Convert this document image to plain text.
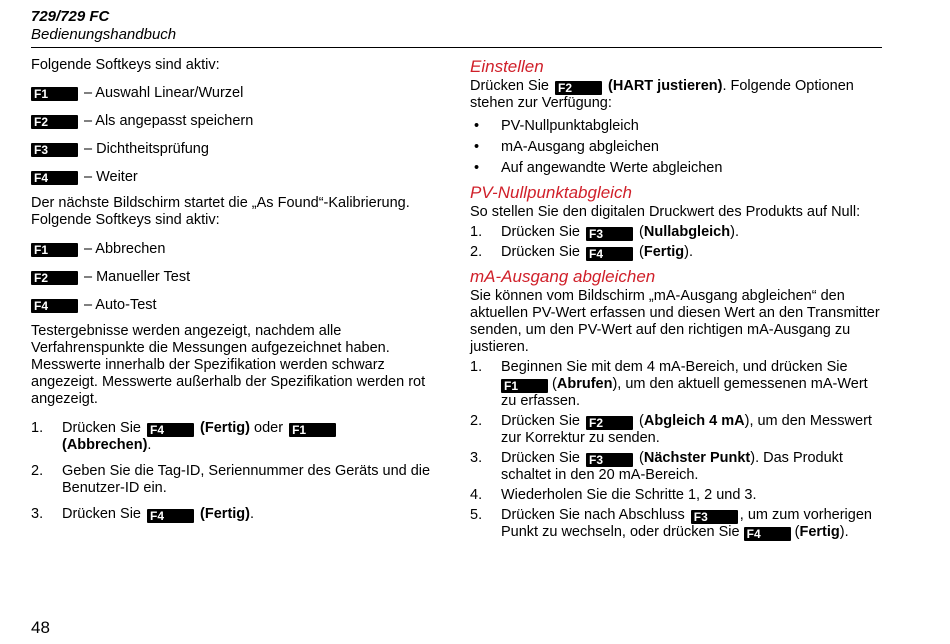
729/729 FC
Bedienungshandbuch

Folgende Softkeys sind aktiv:

F1	– Auswahl Linear/Wurzel
F2	– Als angepasst speichern
F3	– Dichtheitsprüfung
F4	– Weiter

Der nächste Bildschirm startet die „As Found“-Kalibrierung. Folgende Softkeys sind aktiv:

F1	– Abbrechen
F2	– Manueller Test
F4	– Auto-Test

Testergebnisse werden angezeigt, nachdem alle Verfahrenspunkte die Messungen aufgezeichnet haben. Messwerte innerhalb der Spezifikation werden schwarz angezeigt. Messwerte außerhalb der Spezifikation werden rot angezeigt.

1. Drücken Sie F4 (Fertig) oder F1
(Abbrechen).
2. Geben Sie die Tag-ID, Seriennummer des Geräts und die Benutzer-ID ein.
3. Drücken Sie F4 (Fertig).
Einstellen

Drücken Sie F2 (HART justieren). Folgende Optionen stehen zur Verfügung:

• PV-Nullpunktabgleich
• mA-Ausgang abgleichen
• Auf angewandte Werte abgleichen
PV-Nullpunktabgleich

So stellen Sie den digitalen Druckwert des Produkts auf Null:

1. Drücken Sie F3 (Nullabgleich).
2. Drücken Sie F4 (Fertig).
mA-Ausgang abgleichen

Sie können vom Bildschirm „mA-Ausgang abgleichen“ den aktuellen PV-Wert erfassen und diesen Wert an den Transmitter senden, um den PV-Wert auf den richtigen mA-Ausgang zu justieren.

1. Beginnen Sie mit dem 4 mA-Bereich, und drücken Sie F1 (Abrufen), um den aktuell gemessenen mA-Wert zu erfassen.
2. Drücken Sie F2 (Abgleich 4 mA), um den Messwert zur Korrektur zu senden.
3. Drücken Sie F3 (Nächster Punkt). Das Produkt schaltet in den 20 mA-Bereich.
4. Wiederholen Sie die Schritte 1, 2 und 3.
5. Drücken Sie nach Abschluss F3 , um zum vorherigen Punkt zu wechseln, oder drücken Sie F4 (Fertig).
48
